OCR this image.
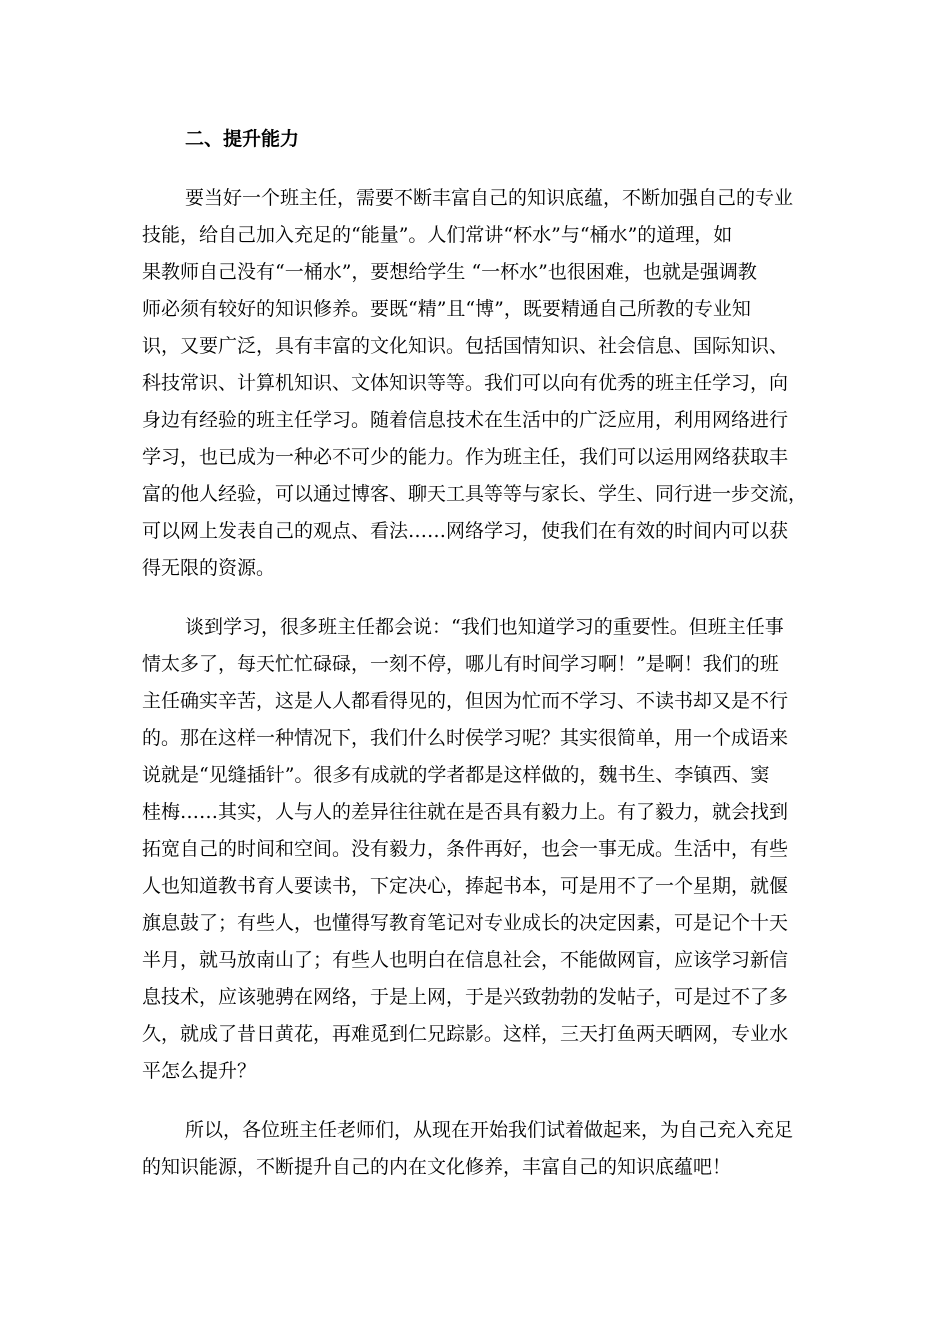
二、提升能力

要当好一个班主任，需要不断丰富自己的知识底蕴，不断加强自己的专业
技能，给自己加入充足的“能量”。人们常讲“杯水”与“桶水”的道理，如
果教师自己没有“一桶水”，要想给学生 “一杯水”也很困难，也就是强调教
师必须有较好的知识修养。要既“精”且“博”，既要精通自己所教的专业知
识，又要广泛，具有丰富的文化知识。包括国情知识、社会信息、国际知识、
科技常识、计算机知识、文体知识等等。我们可以向有优秀的班主任学习，向
身边有经验的班主任学习。随着信息技术在生活中的广泛应用，利用网络进行
学习，也已成为一种必不可少的能力。作为班主任，我们可以运用网络获取丰
富的他人经验，可以通过博客、聊天工具等等与家长、学生、同行进一步交流，
可以网上发表自己的观点、看法……网络学习，使我们在有效的时间内可以获
得无限的资源。

谈到学习，很多班主任都会说：“我们也知道学习的重要性。但班主任事
情太多了，每天忙忙碌碌，一刻不停，哪儿有时间学习啊！”是啊！我们的班
主任确实辛苦，这是人人都看得见的，但因为忙而不学习、不读书却又是不行
的。那在这样一种情况下，我们什么时侯学习呢？其实很简单，用一个成语来
说就是“见缝插针”。很多有成就的学者都是这样做的，魏书生、李镇西、窦
桂梅……其实，人与人的差异往往就在是否具有毅力上。有了毅力，就会找到
拓宽自己的时间和空间。没有毅力，条件再好，也会一事无成。生活中，有些
人也知道教书育人要读书，下定决心，捧起书本，可是用不了一个星期，就偃
旗息鼓了；有些人，也懂得写教育笔记对专业成长的决定因素，可是记个十天
半月，就马放南山了；有些人也明白在信息社会，不能做网盲，应该学习新信
息技术，应该驰骋在网络，于是上网，于是兴致勃勃的发帖子，可是过不了多
久，就成了昔日黄花，再难觅到仁兄踪影。这样，三天打鱼两天晒网，专业水
平怎么提升？

所以，各位班主任老师们，从现在开始我们试着做起来，为自己充入充足
的知识能源，不断提升自己的内在文化修养，丰富自己的知识底蕴吧！
